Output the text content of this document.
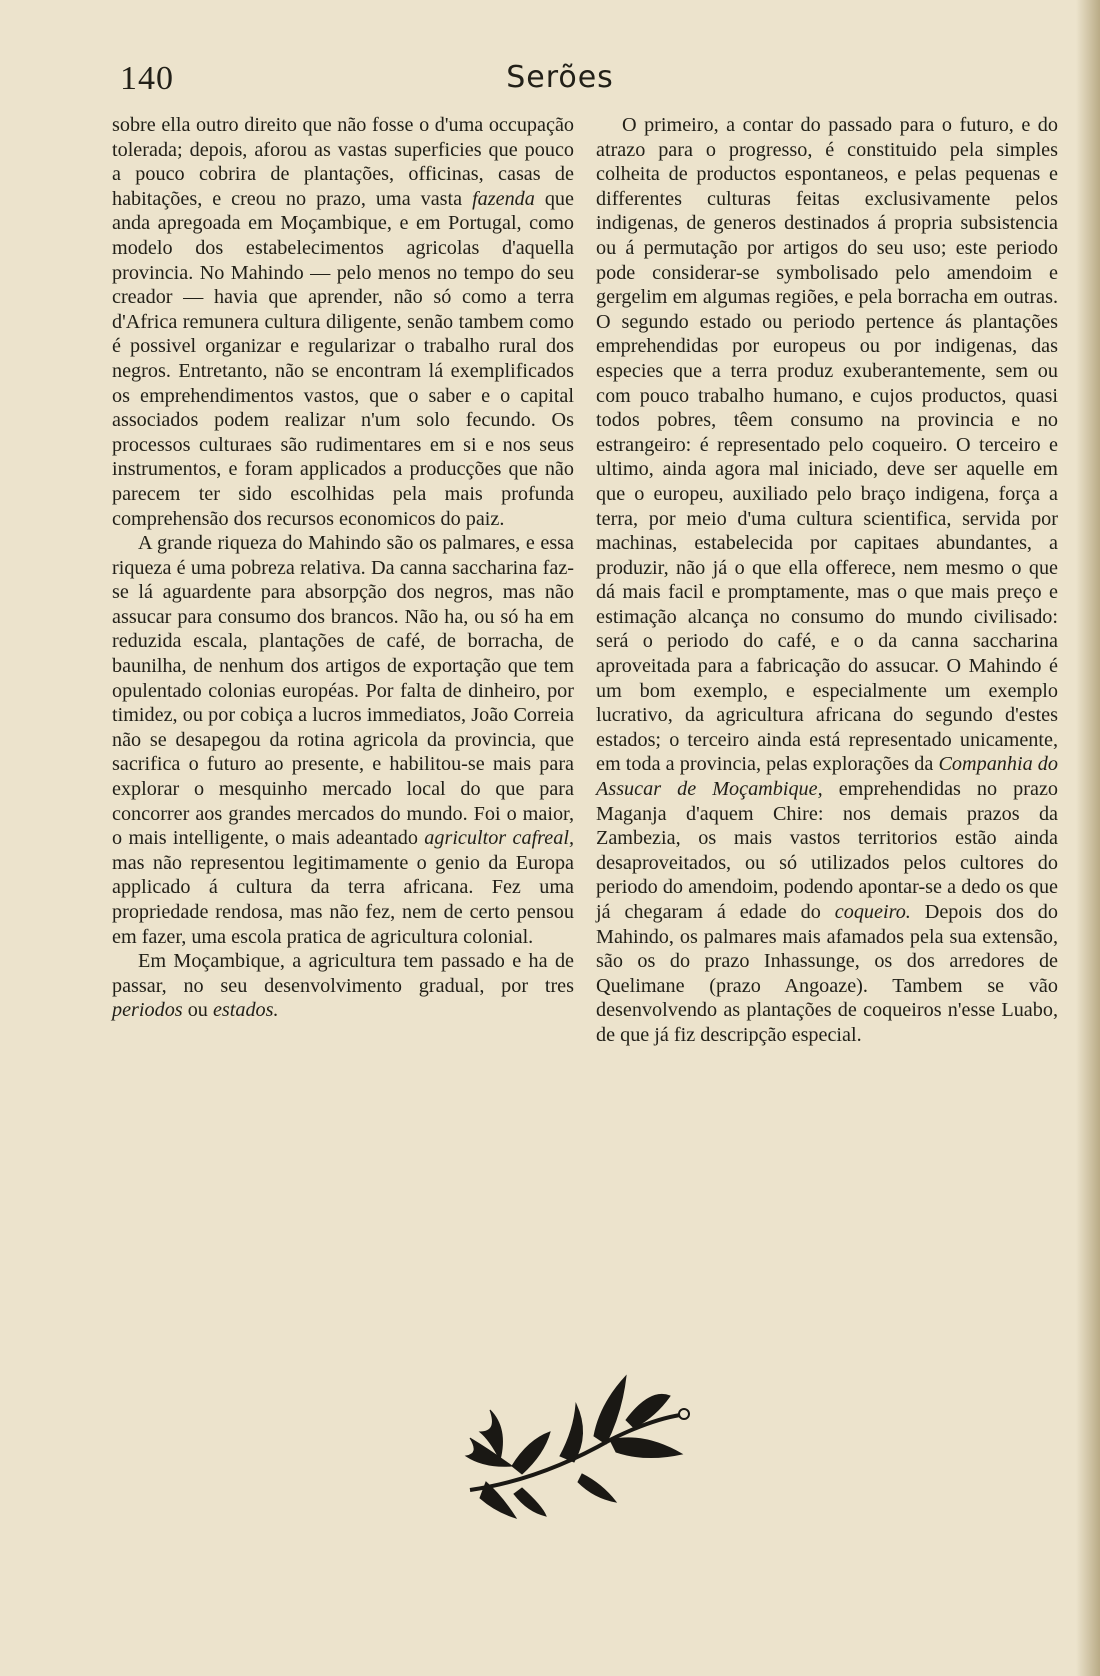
140	Serões

sobre ella outro direito que não fosse o d'uma occupação tolerada; depois, aforou as vastas superficies que pouco a pouco cobrira de plantações, officinas, casas de habitações, e creou no prazo, uma vasta fazenda que anda apregoada em Moçambique, e em Portugal, como modelo dos estabelecimentos agricolas d'aquella provincia. No Mahindo — pelo menos no tempo do seu creador — havia que aprender, não só como a terra d'Africa remunera cultura diligente, senão tambem como é possivel organizar e regularizar o trabalho rural dos negros. Entretanto, não se encontram lá exemplificados os emprehendimentos vastos, que o saber e o capital associados podem realizar n'um solo fecundo. Os processos culturaes são rudimentares em si e nos seus instrumentos, e foram applicados a producções que não parecem ter sido escolhidas pela mais profunda comprehensão dos recursos economicos do paiz.

A grande riqueza do Mahindo são os palmares, e essa riqueza é uma pobreza relativa. Da canna saccharina faz-se lá aguardente para absorpção dos negros, mas não assucar para consumo dos brancos. Não ha, ou só ha em reduzida escala, plantações de café, de borracha, de baunilha, de nenhum dos artigos de exportação que tem opulentado colonias européas. Por falta de dinheiro, por timidez, ou por cobiça a lucros immediatos, João Correia não se desapegou da rotina agricola da provincia, que sacrifica o futuro ao presente, e habilitou-se mais para explorar o mesquinho mercado local do que para concorrer aos grandes mercados do mundo. Foi o maior, o mais intelligente, o mais adeantado agricultor cafreal, mas não representou legitimamente o genio da Europa applicado á cultura da terra africana. Fez uma propriedade rendosa, mas não fez, nem de certo pensou em fazer, uma escola pratica de agricultura colonial.

Em Moçambique, a agricultura tem passado e ha de passar, no seu desenvolvimento gradual, por tres periodos ou estados.

O primeiro, a contar do passado para o futuro, e do atrazo para o progresso, é constituido pela simples colheita de productos espontaneos, e pelas pequenas e differentes culturas feitas exclusivamente pelos indigenas, de generos destinados á propria subsistencia ou á permutação por artigos do seu uso; este periodo pode considerar-se symbolisado pelo amendoim e gergelim em algumas regiões, e pela borracha em outras. O segundo estado ou periodo pertence ás plantações emprehendidas por europeus ou por indigenas, das especies que a terra produz exuberantemente, sem ou com pouco trabalho humano, e cujos productos, quasi todos pobres, têem consumo na provincia e no estrangeiro: é representado pelo coqueiro. O terceiro e ultimo, ainda agora mal iniciado, deve ser aquelle em que o europeu, auxiliado pelo braço indigena, força a terra, por meio d'uma cultura scientifica, servida por machinas, estabelecida por capitaes abundantes, a produzir, não já o que ella offerece, nem mesmo o que dá mais facil e promptamente, mas o que mais preço e estimação alcança no consumo do mundo civilisado: será o periodo do café, e o da canna saccharina aproveitada para a fabricação do assucar. O Mahindo é um bom exemplo, e especialmente um exemplo lucrativo, da agricultura africana do segundo d'estes estados; o terceiro ainda está representado unicamente, em toda a provincia, pelas explorações da Companhia do Assucar de Moçambique, emprehendidas no prazo Maganja d'aquem Chire: nos demais prazos da Zambezia, os mais vastos territorios estão ainda desaproveitados, ou só utilizados pelos cultores do periodo do amendoim, podendo apontar-se a dedo os que já chegaram á edade do coqueiro. Depois dos do Mahindo, os palmares mais afamados pela sua extensão, são os do prazo Inhassunge, os dos arredores de Quelimane (prazo Angoaze). Tambem se vão desenvolvendo as plantações de coqueiros n'esse Luabo, de que já fiz descripção especial.
